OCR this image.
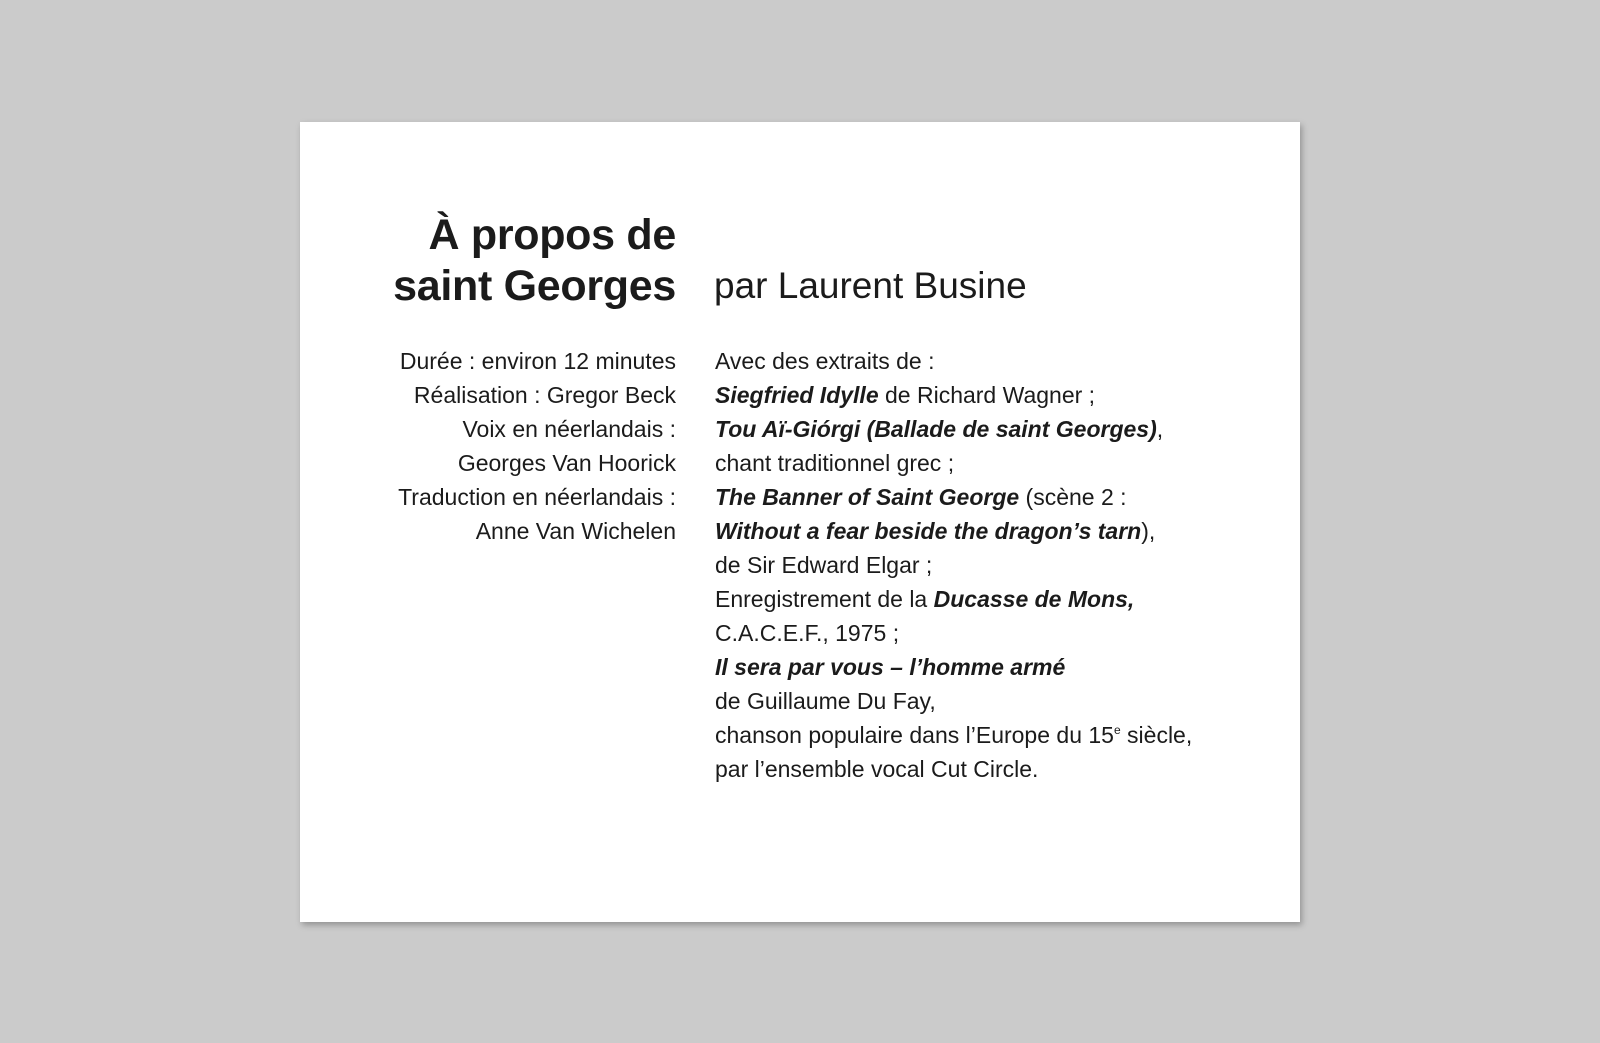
À propos de
saint Georges par Laurent Busine
Durée : environ 12 minutes
Réalisation : Gregor Beck
Voix en néerlandais :
Georges Van Hoorick
Traduction en néerlandais :
Anne Van Wichelen
Avec des extraits de :
Siegfried Idylle de Richard Wagner ;
Tou Aï-Giórgi (Ballade de saint Georges),
chant traditionnel grec ;
The Banner of Saint George (scène 2 :
Without a fear beside the dragon’s tarn),
de Sir Edward Elgar ;
Enregistrement de la Ducasse de Mons,
C.A.C.E.F., 1975 ;
Il sera par vous – l’homme armé
de Guillaume Du Fay,
chanson populaire dans l’Europe du 15e siècle,
par l’ensemble vocal Cut Circle.
